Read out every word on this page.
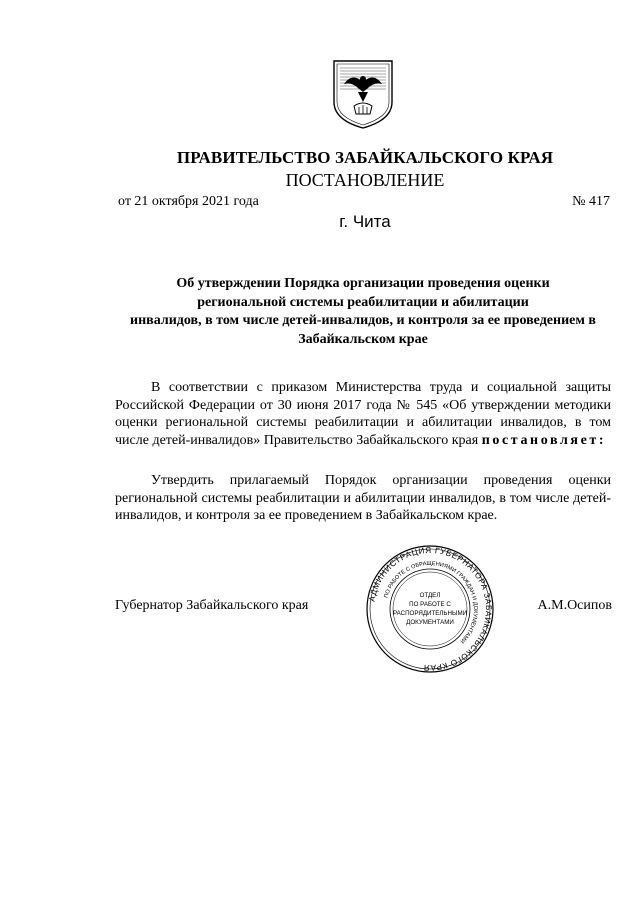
ПРАВИТЕЛЬСТВО ЗАБАЙКАЛЬСКОГО КРАЯ
ПОСТАНОВЛЕНИЕ
от 21 октября 2021 года	№ 417
г. Чита
Об утверждении Порядка организации проведения оценки
региональной системы реабилитации и абилитации
инвалидов, в том числе детей-инвалидов, и контроля за ее проведением в
Забайкальском крае

В соответствии с приказом Министерства труда и социальной защиты Российской Федерации от 30 июня 2017 года № 545 «Об утверждении методики оценки региональной системы реабилитации и абилитации инвалидов, в том числе детей-инвалидов» Правительство Забайкальского края постановляет:

Утвердить прилагаемый Порядок организации проведения оценки региональной системы реабилитации и абилитации инвалидов, в том числе детей-инвалидов, и контроля за ее проведением в Забайкальском крае.

Губернатор Забайкальского края	АДМИНИСТРАЦИЯ ГУБЕРНАТОРА ЗАБАЙКАЛЬСКОГО КРАЯ
ПО РАБОТЕ С ОБРАЩЕНИЯМИ ГРАЖДАН И ДОКУМЕНТАМИ
ОТДЕЛ
ПО РАБОТЕ С
РАСПОРЯДИТЕЛЬНЫМИ
ДОКУМЕНТАМИ
А.М.Осипов
